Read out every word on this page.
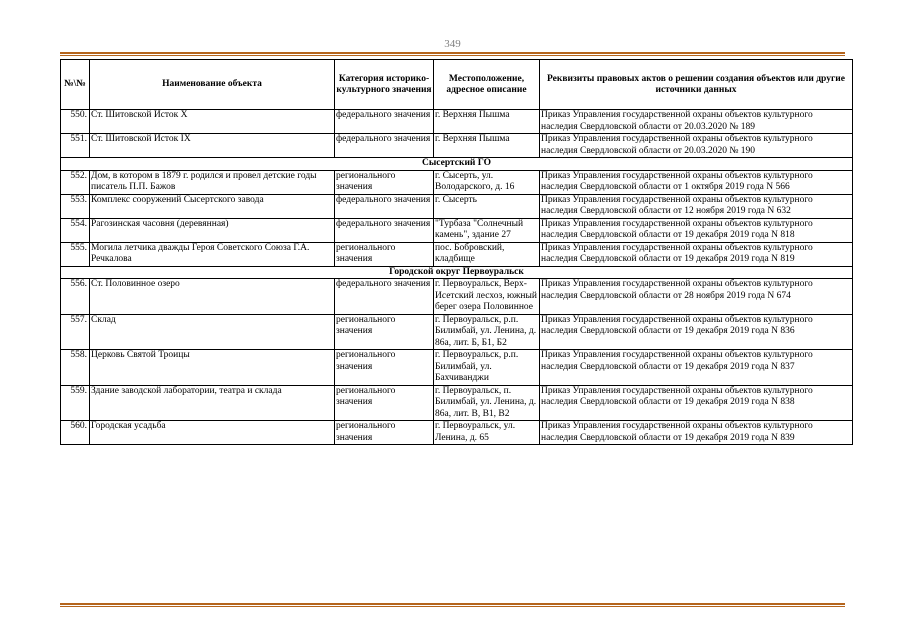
349
№\№	Наименование объекта	Категория историко-культурного значения	Местоположение, адресное описание	Реквизиты правовых актов о решении создания объектов или другие источники данных
550.	Ст. Шитовской Исток X	федерального значения	г. Верхняя Пышма	Приказ Управления государственной охраны объектов культурного наследия Свердловской области от 20.03.2020 № 189
551.	Ст. Шитовской Исток IX	федерального значения	г. Верхняя Пышма	Приказ Управления государственной охраны объектов культурного наследия Свердловской области от 20.03.2020 № 190
Сысертский ГО				
552.	Дом, в котором в 1879 г. родился и провел детские годы писатель П.П. Бажов	регионального значения	г. Сысерть, ул. Володарского, д. 16	Приказ Управления государственной охраны объектов культурного наследия Свердловской области от 1 октября 2019 года N 566
553.	Комплекс сооружений Сысертского завода	федерального значения	г. Сысерть	Приказ Управления государственной охраны объектов культурного наследия Свердловской области от 12 ноября 2019 года N 632
554.	Рагозинская часовня (деревянная)	федерального значения	"Турбаза "Солнечный камень", здание 27	Приказ Управления государственной охраны объектов культурного наследия Свердловской области от 19 декабря 2019 года N 818
555.	Могила летчика дважды Героя Советского Союза Г.А. Речкалова	регионального значения	пос. Бобровский, кладбище	Приказ Управления государственной охраны объектов культурного наследия Свердловской области от 19 декабря 2019 года N 819
Городской округ Первоуральск				
556.	Ст. Половинное озеро	федерального значения	г. Первоуральск, Верх-Исетский лесхоз, южный берег озера Половинное	Приказ Управления государственной охраны объектов культурного наследия Свердловской области от 28 ноября 2019 года N 674
557.	Склад	регионального значения	г. Первоуральск, р.п. Билимбай, ул. Ленина, д. 86а, лит. Б, Б1, Б2	Приказ Управления государственной охраны объектов культурного наследия Свердловской области от 19 декабря 2019 года N 836
558.	Церковь Святой Троицы	регионального значения	г. Первоуральск, р.п. Билимбай, ул. Бахчиванджи	Приказ Управления государственной охраны объектов культурного наследия Свердловской области от 19 декабря 2019 года N 837
559.	Здание заводской лаборатории, театра и склада	регионального значения	г. Первоуральск, п. Билимбай, ул. Ленина, д. 86а, лит. В, В1, В2	Приказ Управления государственной охраны объектов культурного наследия Свердловской области от 19 декабря 2019 года N 838
560.	Городская усадьба	регионального значения	г. Первоуральск, ул. Ленина, д. 65	Приказ Управления государственной охраны объектов культурного наследия Свердловской области от 19 декабря 2019 года N 839
